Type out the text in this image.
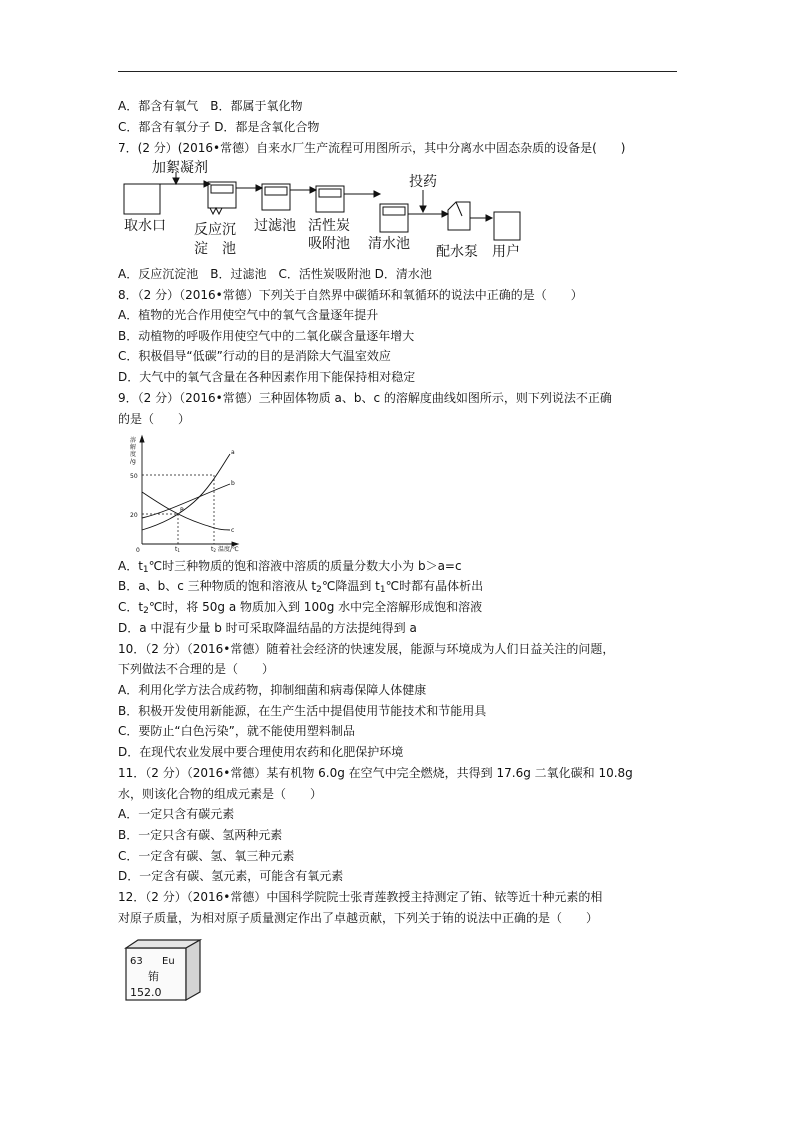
A．都含有氧气　B．都属于氧化物
C．都含有氧分子 D．都是含氧化合物
7．(2 分）(2016•常德）自来水厂生产流程可用图所示，其中分离水中固态杂质的设备是(　　)
加絮凝剂
投药
取水口 反应沉
淀　池
过滤池 活性炭
吸附池 清水池 配水泵 用户
A．反应沉淀池　B．过滤池　C．活性炭吸附池 D．清水池
8．（2 分）（2016•常德）下列关于自然界中碳循环和氧循环的说法中正确的是（　　）
A．植物的光合作用使空气中的氧气含量逐年提升
B．动植物的呼吸作用使空气中的二氧化碳含量逐年增大
C．积极倡导“低碳”行动的目的是消除大气温室效应
D．大气中的氧气含量在各种因素作用下能保持相对稳定
9．（2 分）（2016•常德）三种固体物质 a、b、c 的溶解度曲线如图所示，则下列说法不正确
的是（　　）
溶
解
度
/g
50
20
0	t1	t2 温度/℃
a
b
c
P
A．$t_1℃$时三种物质的饱和溶液中溶质的质量分数大小为 b＞a=c
B．a、b、c 三种物质的饱和溶液从 $t_2℃$降温到 $t_1℃$时都有晶体析出
C．$t_2℃$时，将 50g a 物质加入到 100g 水中完全溶解形成饱和溶液
D．a 中混有少量 b 时可采取降温结晶的方法提纯得到 a
10．（2 分）（2016•常德）随着社会经济的快速发展，能源与环境成为人们日益关注的问题，
下列做法不合理的是（　　）
A．利用化学方法合成药物，抑制细菌和病毒保障人体健康
B．积极开发使用新能源，在生产生活中提倡使用节能技术和节能用具
C．要防止“白色污染”，就不能使用塑料制品
D．在现代农业发展中要合理使用农药和化肥保护环境
11．（2 分）（2016•常德）某有机物 6.0g 在空气中完全燃烧，共得到 17.6g 二氧化碳和 10.8g
水，则该化合物的组成元素是（　　）
A．一定只含有碳元素
B．一定只含有碳、氢两种元素
C．一定含有碳、氢、氧三种元素
D．一定含有碳、氢元素，可能含有氧元素
12．（2 分）（2016•常德）中国科学院院士张青莲教授主持测定了铕、铱等近十种元素的相
对原子质量，为相对原子质量测定作出了卓越贡献，下列关于铕的说法中正确的是（　　）
63 Eu
铕
152.0
